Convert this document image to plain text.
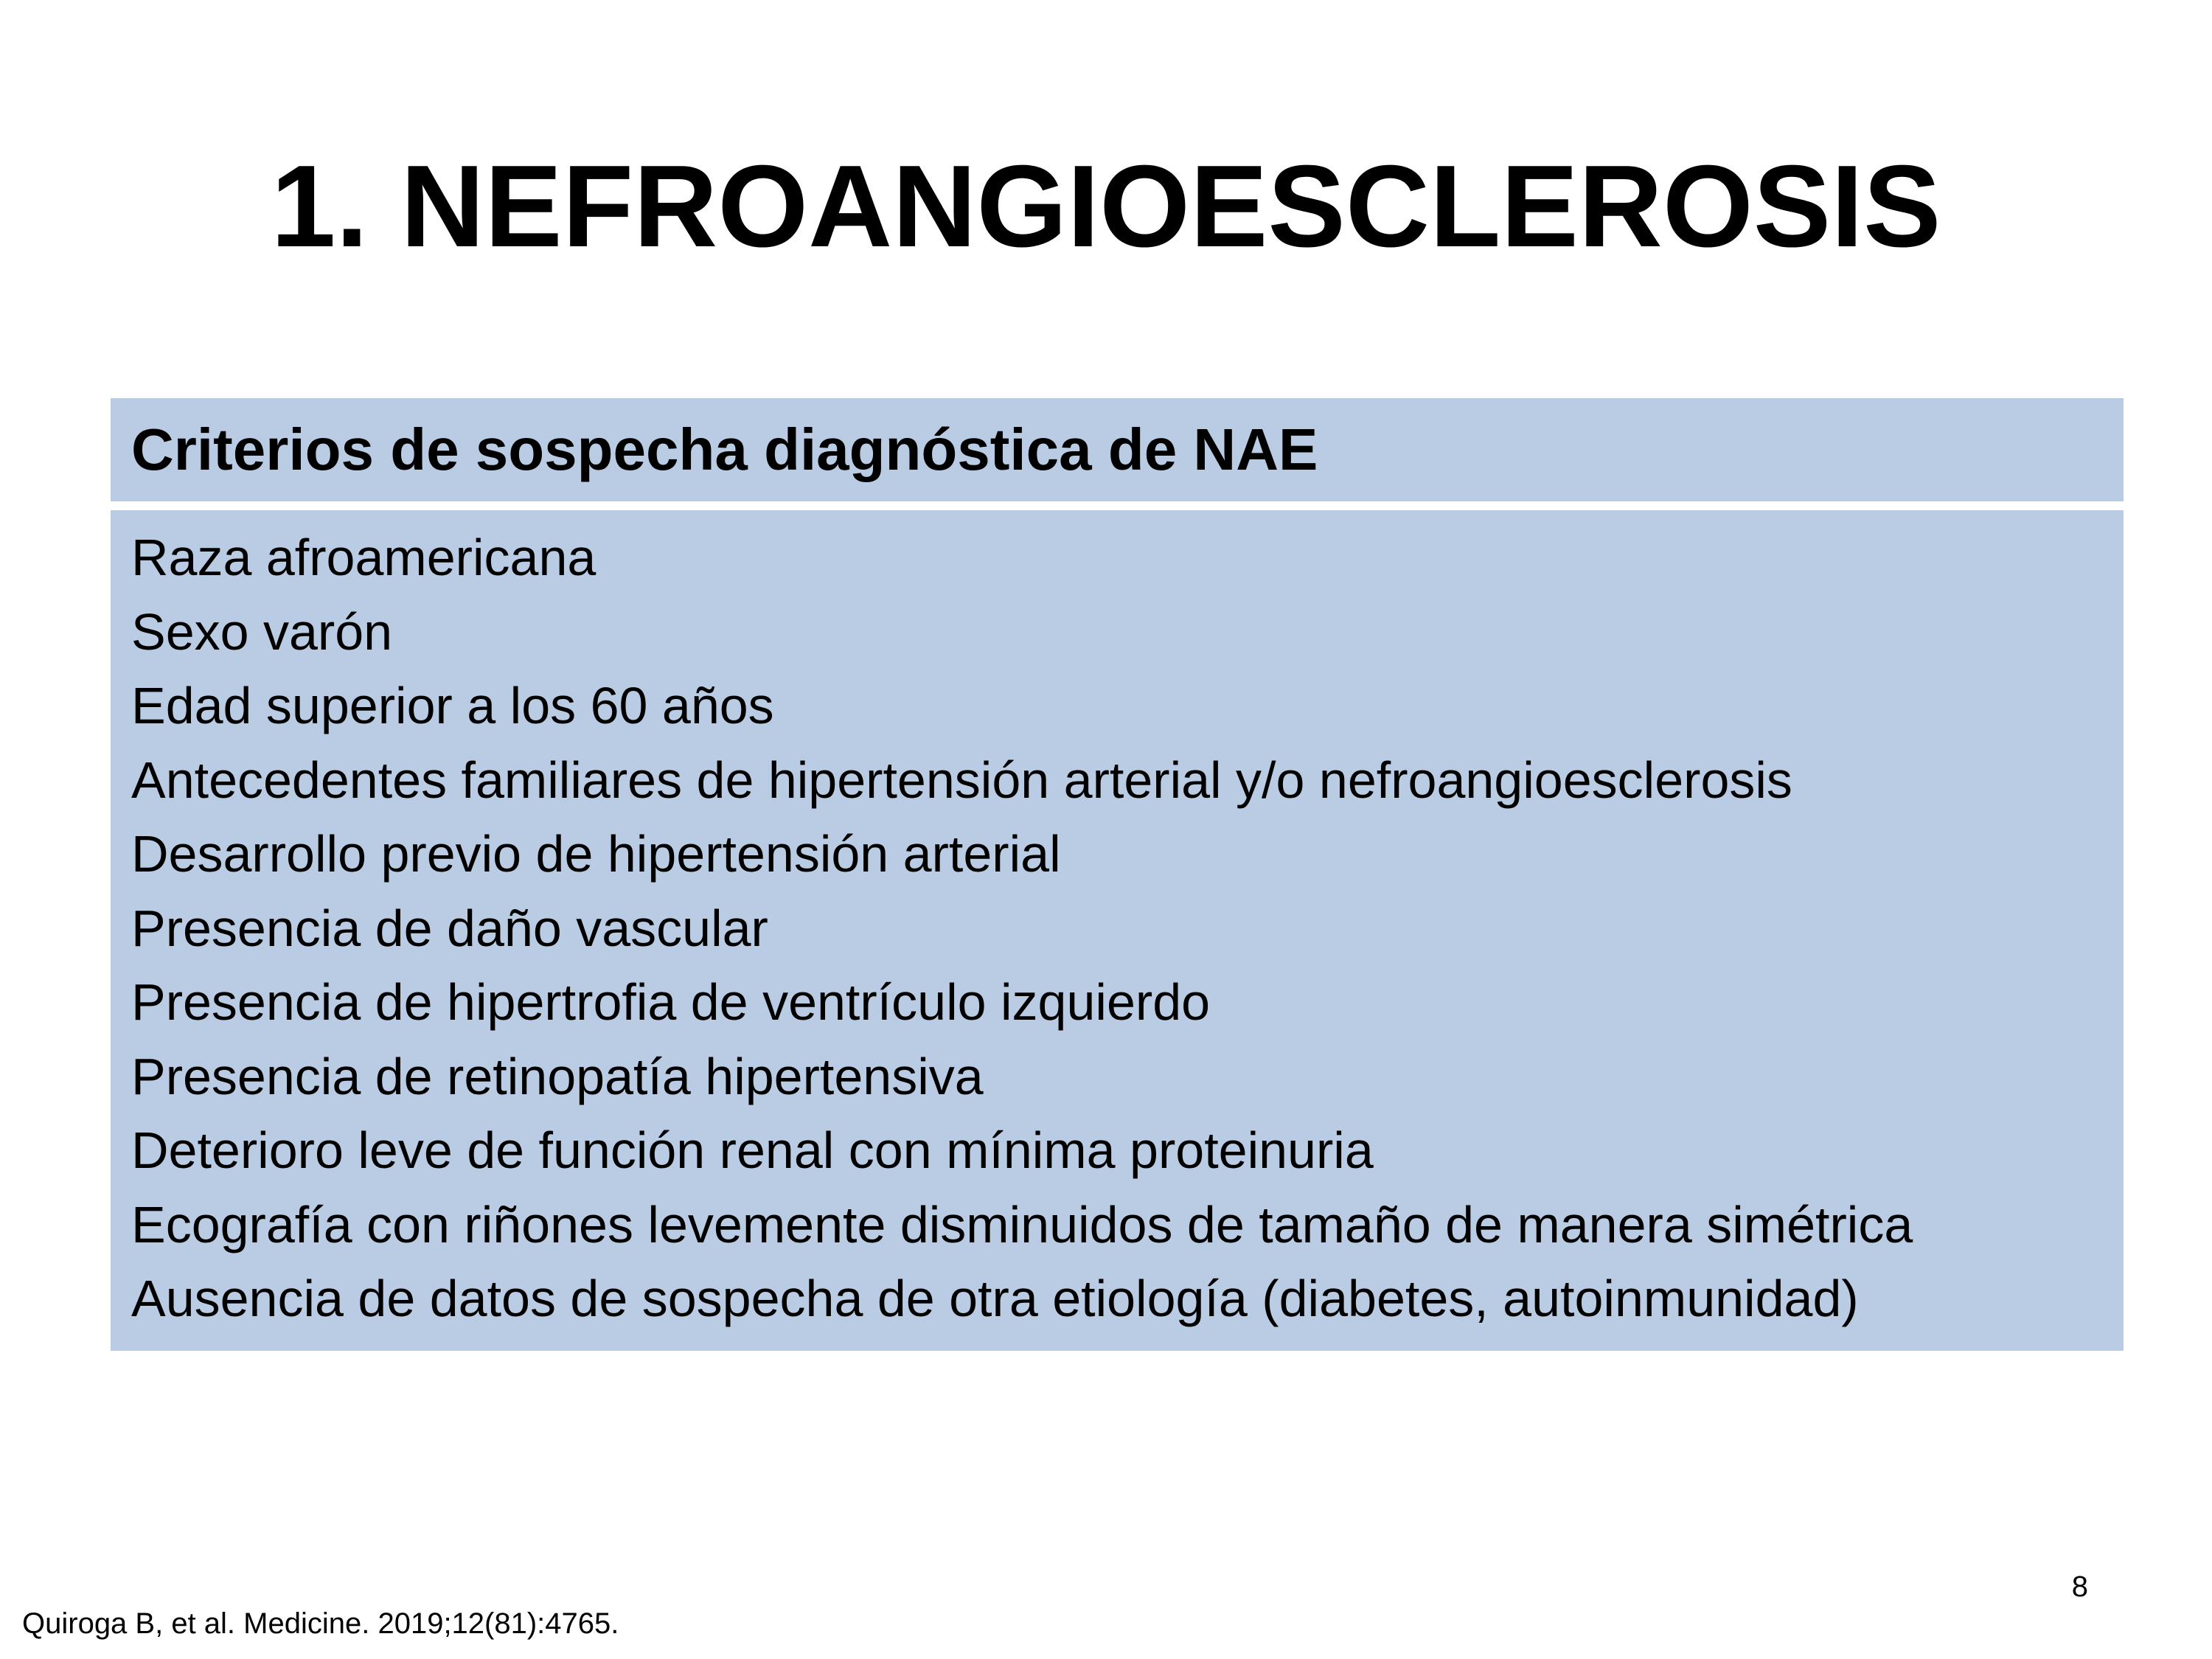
1. NEFROANGIOESCLEROSIS
Criterios de sospecha diagnóstica de NAE
Raza afroamericana
Sexo varón
Edad superior a los 60 años
Antecedentes familiares de hipertensión arterial y/o nefroangioesclerosis
Desarrollo previo de hipertensión arterial
Presencia de daño vascular
Presencia de hipertrofia de ventrículo izquierdo
Presencia de retinopatía hipertensiva
Deterioro leve de función renal con mínima proteinuria
Ecografía con riñones levemente disminuidos de tamaño de manera simétrica
Ausencia de datos de sospecha de otra etiología (diabetes, autoinmunidad)
8
Quiroga B, et al. Medicine. 2019;12(81):4765.
